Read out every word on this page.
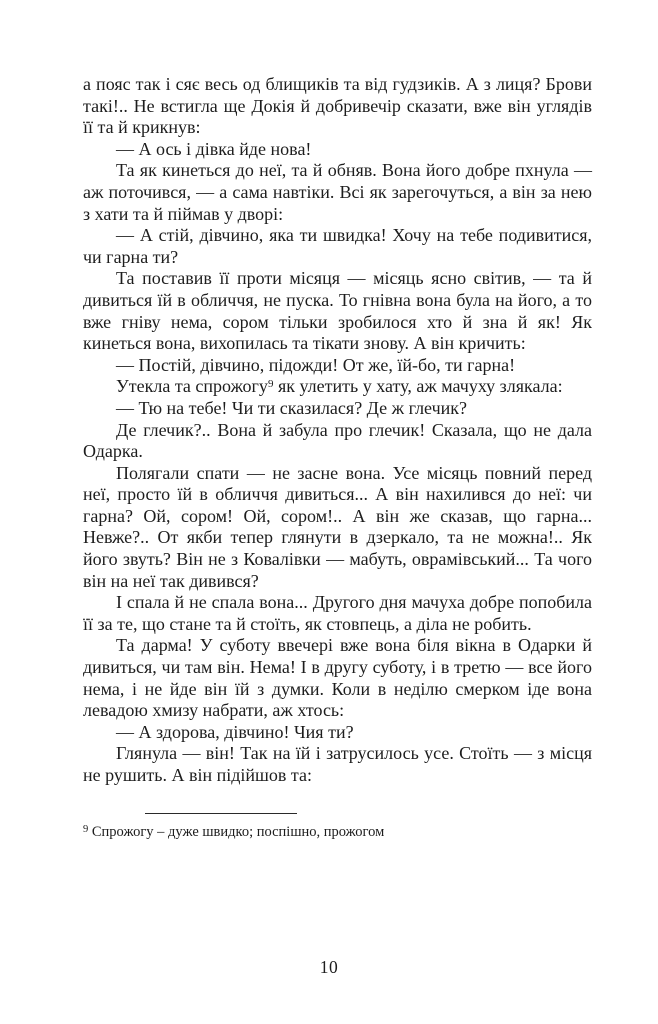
а пояс так і сяє весь од блищиків та від гудзиків. А з лиця? Брови такі!.. Не встигла ще Докія й добривечір сказати, вже він углядів її та й крикнув:

— А ось і дівка йде нова!

Та як кинеться до неї, та й обняв. Вона його добре пхнула — аж поточився, — а сама навтіки. Всі як зарегочуться, а він за нею з хати та й піймав у дворі:

— А стій, дівчино, яка ти швидка! Хочу на тебе подивитися, чи гарна ти?

Та поставив її проти місяця — місяць ясно світив, — та й дивиться їй в обличчя, не пуска. То гнівна вона була на його, а то вже гніву нема, сором тільки зробилося хто й зна й як! Як кинеться вона, вихопилась та тікати знову. А він кричить:

— Постій, дівчино, підожди! От же, їй-бо, ти гарна!

Утекла та спрожогу$^9$ як улетить у хату, аж мачуху злякала:

— Тю на тебе! Чи ти сказилася? Де ж глечик?

Де глечик?.. Вона й забула про глечик! Сказала, що не дала Одарка.

Полягали спати — не засне вона. Усе місяць повний перед неї, просто їй в обличчя дивиться... А він нахилився до неї: чи гарна? Ой, сором! Ой, сором!.. А він же сказав, що гарна... Невже?.. От якби тепер глянути в дзеркало, та не можна!.. Як його звуть? Він не з Ковалівки — мабуть, оврамівський... Та чого він на неї так дивився?

І спала й не спала вона... Другого дня мачуха добре попобила її за те, що стане та й стоїть, як стовпець, а діла не робить.

Та дарма! У суботу ввечері вже вона біля вікна в Одарки й дивиться, чи там він. Нема! І в другу суботу, і в третю — все його нема, і не йде він їй з думки. Коли в неділю смерком іде вона левадою хмизу набрати, аж хтось:

— А здорова, дівчино! Чия ти?

Глянула — він! Так на їй і затрусилось усе. Стоїть — з місця не рушить. А він підійшов та:

$^9$ Спрожогу – дуже швидко; поспішно, прожогом

10
